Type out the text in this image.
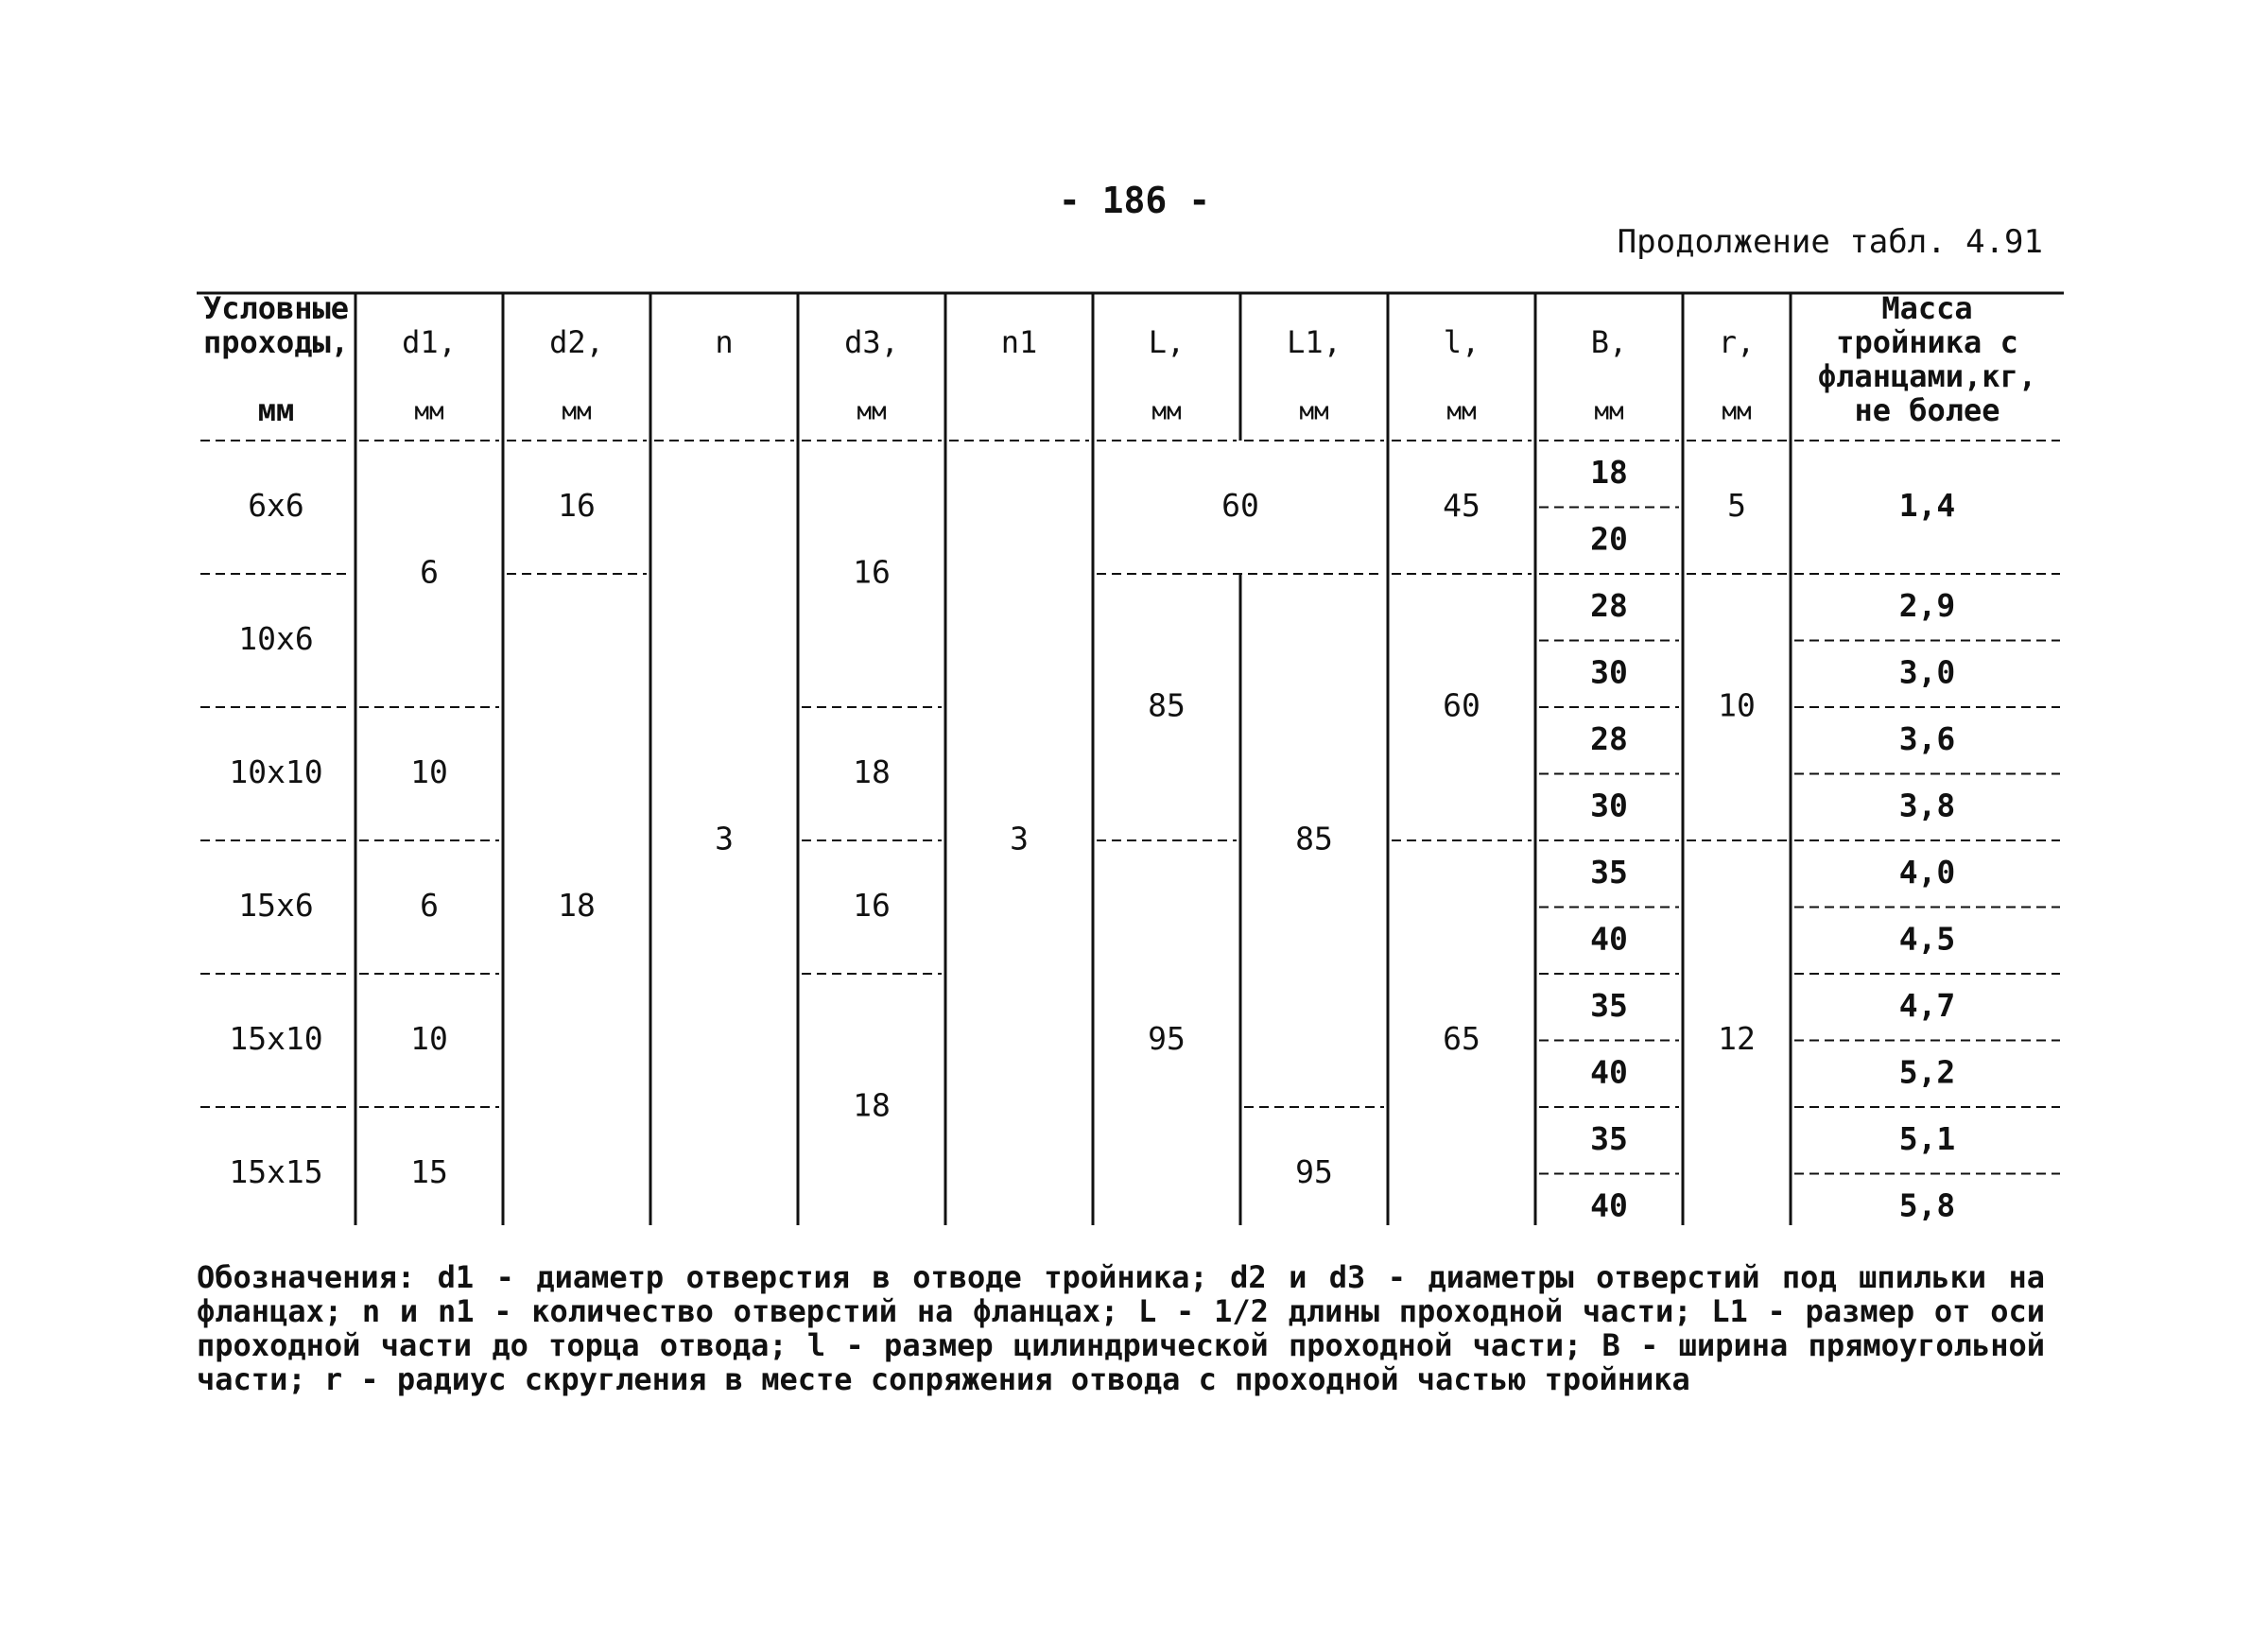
- 186 -
Продолжение табл. 4.91
Условные
проходы,
мм
d1,
мм
d2,
мм
n	d3,
мм
n1	L,
мм
L1,
мм
l,
мм
B,
мм
r,
мм
Масса
тройника с
фланцами,кг,
не более
6x6
10x6
10x10
15x6
15x10
15x15
6
10
6
10
15
16
18
3
16
18
16
18
3
60
85
95
85
95
45
60
65
18
20
28
30
28
30
35
40
35
40
35
40
5
10
12
1,4
2,9
3,0
3,6
3,8
4,0
4,5
4,7
5,2
5,1
5,8
Обозначения: d1 - диаметр отверстия в отводе тройника; d2 и d3 - диаметры отверстий под шпильки на фланцах; n и n1 - количество отверстий на фланцах; L - 1/2 длины проходной части; L1 - размер от оси проходной части до торца отвода; l - размер цилиндрической проходной части; B - ширина прямоугольной части; r - радиус скругления в месте сопряжения отвода с проходной частью тройника
